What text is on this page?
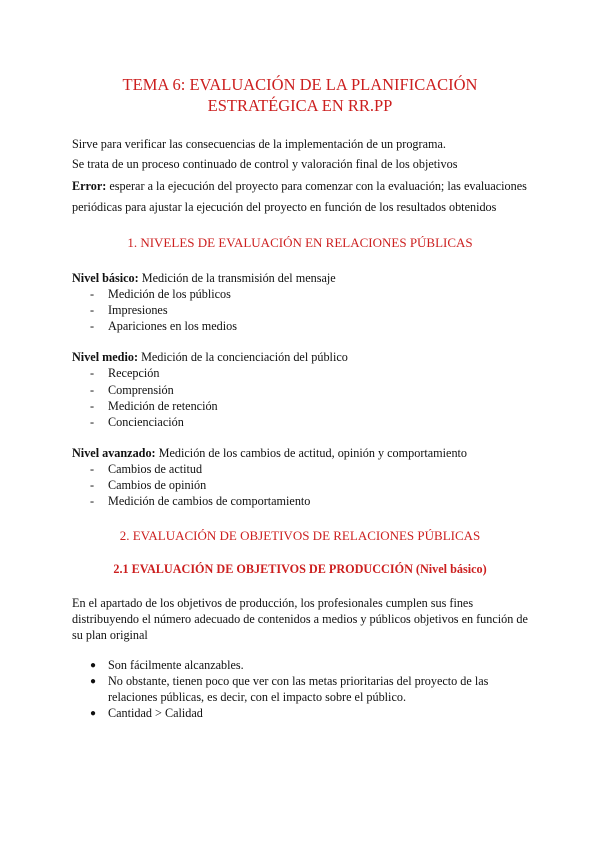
TEMA 6: EVALUACIÓN DE LA PLANIFICACIÓN
ESTRATÉGICA EN RR.PP
Sirve para verificar las consecuencias de la implementación de un programa.
Se trata de un proceso continuado de control y valoración final de los objetivos
Error: esperar a la ejecución del proyecto para comenzar con la evaluación; las evaluaciones
periódicas para ajustar la ejecución del proyecto en función de los resultados obtenidos
1. NIVELES DE EVALUACIÓN EN RELACIONES PÚBLICAS
Nivel básico: Medición de la transmisión del mensaje
- Medición de los públicos
- Impresiones
- Apariciones en los medios
Nivel medio: Medición de la concienciación del público
- Recepción
- Comprensión
- Medición de retención
- Concienciación
Nivel avanzado: Medición de los cambios de actitud, opinión y comportamiento
- Cambios de actitud
- Cambios de opinión
- Medición de cambios de comportamiento
2. EVALUACIÓN DE OBJETIVOS DE RELACIONES PÚBLICAS
2.1 EVALUACIÓN DE OBJETIVOS DE PRODUCCIÓN (Nivel básico)
En el apartado de los objetivos de producción, los profesionales cumplen sus fines
distribuyendo el número adecuado de contenidos a medios y públicos objetivos en función de
su plan original
● Son fácilmente alcanzables.
● No obstante, tienen poco que ver con las metas prioritarias del proyecto de las
relaciones públicas, es decir, con el impacto sobre el público.
● Cantidad > Calidad
